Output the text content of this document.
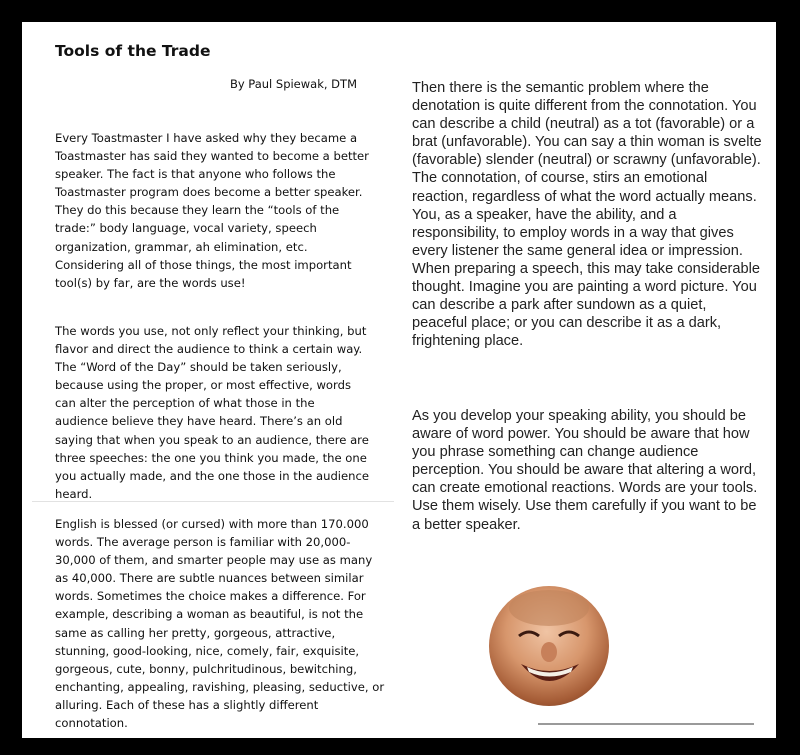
Tools of the Trade
By Paul Spiewak, DTM
Every Toastmaster I have asked why they became a Toastmaster has said they wanted to become a better speaker. The fact is that anyone who follows the Toastmaster program does become a better speaker. They do this because they learn the “tools of the trade:” body language, vocal variety, speech organization, grammar, ah elimination, etc. Considering all of those things, the most important tool(s) by far, are the words use!
The words you use, not only reflect your thinking, but flavor and direct the audience to think a certain way. The “Word of the Day” should be taken seriously, because using the proper, or most effective, words can alter the perception of what those in the audience believe they have heard. There’s an old saying that when you speak to an audience, there are three speeches: the one you think you made, the one you actually made, and the one those in the audience heard.
English is blessed (or cursed) with more than 170.000 words. The average person is familiar with 20,000-30,000 of them, and smarter people may use as many as 40,000. There are subtle nuances between similar words. Sometimes the choice makes a difference. For example, describing a woman as beautiful, is not the same as calling her pretty, gorgeous, attractive, stunning, good-looking, nice, comely, fair, exquisite, gorgeous, cute, bonny, pulchritudinous, bewitching, enchanting, appealing, ravishing, pleasing, seductive, or alluring. Each of these has a slightly different connotation.
Then there is the semantic problem where the denotation is quite different from the connotation. You can describe a child (neutral) as a tot (favorable) or a brat (unfavorable). You can say a thin woman is svelte (favorable) slender (neutral) or scrawny (unfavorable). The connotation, of course, stirs an emotional reaction, regardless of what the word actually means. You, as a speaker, have the ability, and a responsibility, to employ words in a way that gives every listener the same general idea or impression. When preparing a speech, this may take considerable thought. Imagine you are painting a word picture. You can describe a park after sundown as a quiet, peaceful place; or you can describe it as a dark, frightening place.
As you develop your speaking ability, you should be aware of word power. You should be aware that how you phrase something can change audience perception. You should be aware that altering a word, can create emotional reactions. Words are your tools. Use them wisely. Use them carefully if you want to be a better speaker.
